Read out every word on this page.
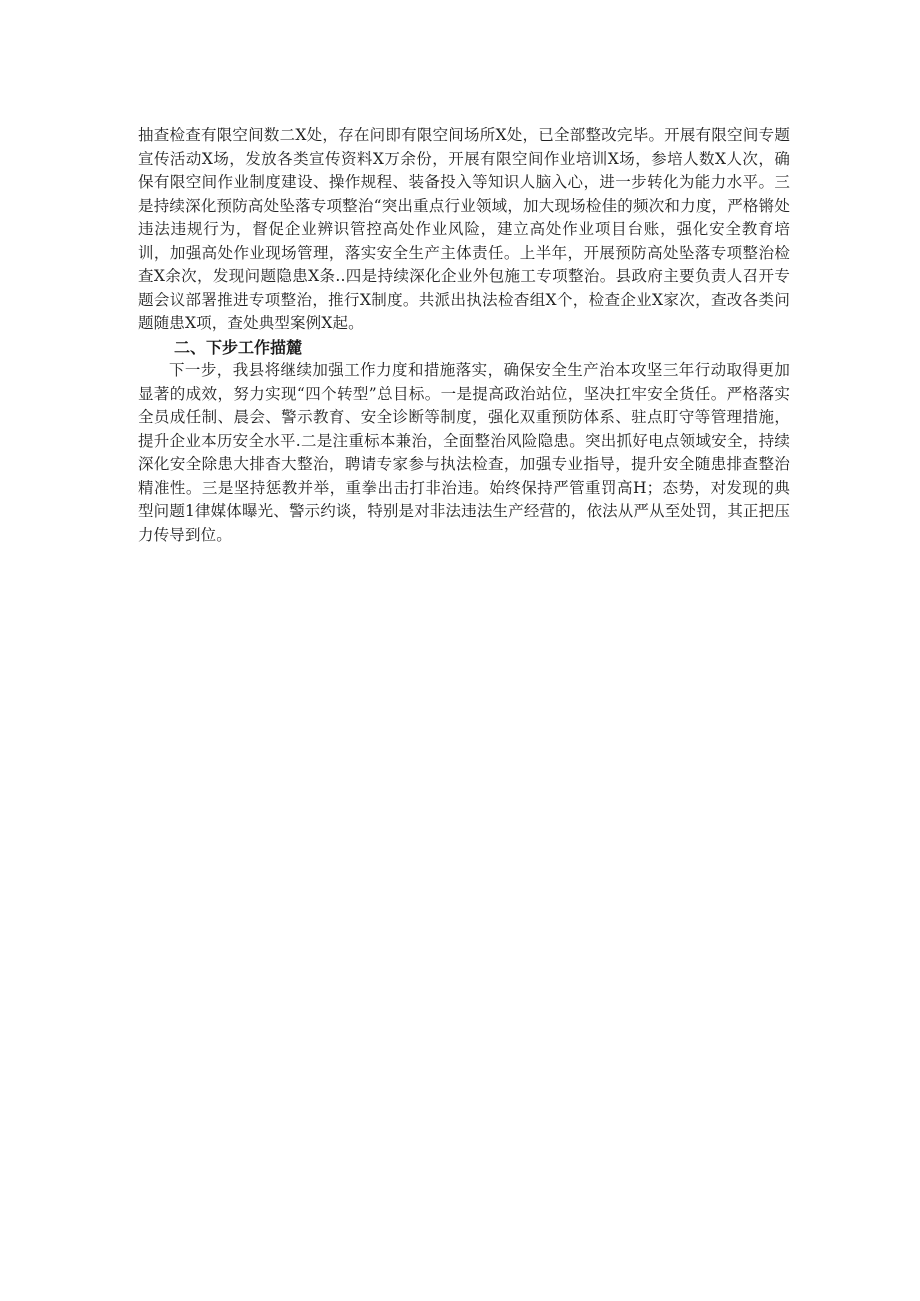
抽查检查有限空间数二X处，存在问即有限空间场所X处，已全部整改完毕。开展有限空间专题宣传活动X场，发放各类宣传资料X万余份，开展有限空间作业培训X场，参培人数X人次，确保有限空间作业制度建设、操作规程、装备投入等知识人脑入心，进一步转化为能力水平。三是持续深化预防高处坠落专项整治“突出重点行业领域，加大现场检佳的频次和力度，严格锵处违法违规行为，督促企业辨识管控高处作业风险，建立高处作业项目台账，强化安全教育培训，加强高处作业现场管理，落实安全生产主体责任。上半年，开展预防高处坠落专项整治检查X余次，发现问题隐患X条..四是持续深化企业外包施工专项整治。县政府主要负责人召开专题会议部署推进专项整治，推行X制度。共派出执法检杳组X个，检查企业X家次，查改各类问题随患X项，查处典型案例X起。

二、下步工作描麓

下一步，我县将继续加强工作力度和措施落实，确保安全生产治本攻坚三年行动取得更加显著的成效，努力实现“四个转型”总目标。一是提高政治站位，坚决扛牢安全货任。严格落实全员成任制、晨会、警示教育、安全诊断等制度，强化双重预防体系、驻点盯守等管理措施，提升企业本历安全水平.二是注重标本兼治，全面整治风险隐患。突出抓好电点领域安全，持续深化安全除患大排杳大整治，聘请专家参与执法检查，加强专业指导，提升安全随患排查整治精准性。三是坚持惩教并举，重拳出击打非治违。始终保持严管重罚高H；态势，对发现的典型问题1律媒体曝光、警示约谈，特别是对非法违法生产经营的，依法从严从至处罚，其正把压力传导到位。
